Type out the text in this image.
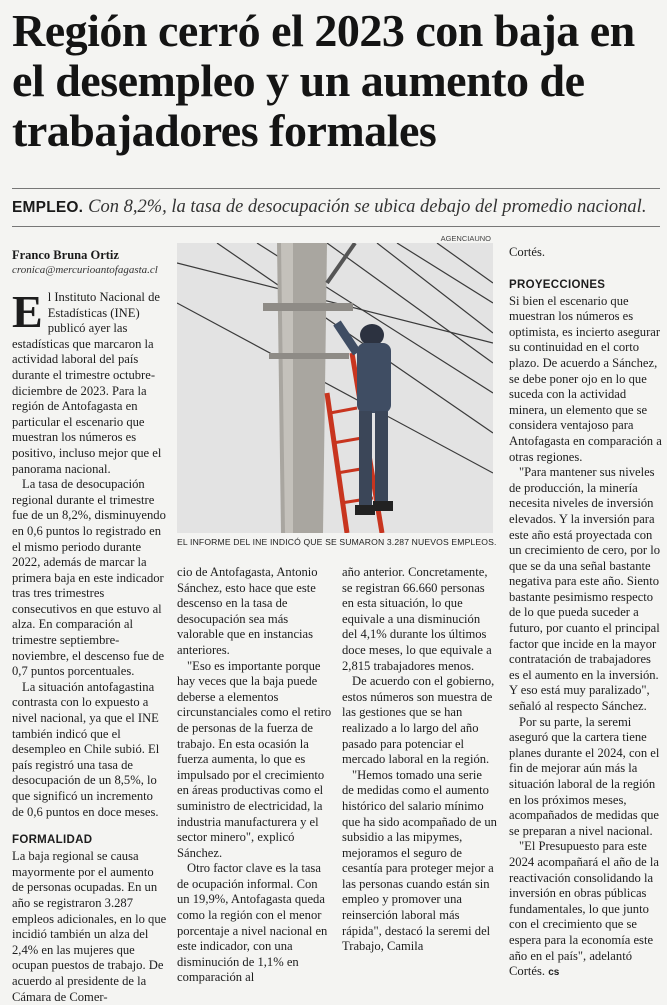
Región cerró el 2023 con baja en el desempleo y un aumento de trabajadores formales
EMPLEO. Con 8,2%, la tasa de desocupación se ubica debajo del promedio nacional.
Franco Bruna Ortiz
cronica@mercurioantofagasta.cl
E l Instituto Nacional de Estadísticas (INE) publicó ayer las estadísticas que marcaron la actividad laboral del país durante el trimestre octubre-diciembre de 2023. Para la región de Antofagasta en particular el escenario que muestran los números es positivo, incluso mejor que el panorama nacional.

La tasa de desocupación regional durante el trimestre fue de un 8,2%, disminuyendo en 0,6 puntos lo registrado en el mismo periodo durante 2022, además de marcar la primera baja en este indicador tras tres trimestres consecutivos en que estuvo al alza. En comparación al trimestre septiembre-noviembre, el descenso fue de 0,7 puntos porcentuales.

La situación antofagastina contrasta con lo expuesto a nivel nacional, ya que el INE también indicó que el desempleo en Chile subió. El país registró una tasa de desocupación de un 8,5%, lo que significó un incremento de 0,6 puntos en doce meses.

FORMALIDAD

La baja regional se causa mayormente por el aumento de personas ocupadas. En un año se registraron 3.287 empleos adicionales, en lo que incidió también un alza del 2,4% en las mujeres que ocupan puestos de trabajo. De acuerdo al presidente de la Cámara de Comer-

AGENCIAUNO
EL INFORME DEL INE INDICÓ QUE SE SUMARON 3.287 NUEVOS EMPLEOS.

cio de Antofagasta, Antonio Sánchez, esto hace que este descenso en la tasa de desocupación sea más valorable que en instancias anteriores.

"Eso es importante porque hay veces que la baja puede deberse a elementos circunstanciales como el retiro de personas de la fuerza de trabajo. En esta ocasión la fuerza aumenta, lo que es impulsado por el crecimiento en áreas productivas como el suministro de electricidad, la industria manufacturera y el sector minero", explicó Sánchez.

Otro factor clave es la tasa de ocupación informal. Con un 19,9%, Antofagasta queda como la región con el menor porcentaje a nivel nacional en este indicador, con una disminución de 1,1% en comparación al

año anterior. Concretamente, se registran 66.660 personas en esta situación, lo que equivale a una disminución del 4,1% durante los últimos doce meses, lo que equivale a 2,815 trabajadores menos.

De acuerdo con el gobierno, estos números son muestra de las gestiones que se han realizado a lo largo del año pasado para potenciar el mercado laboral en la región.

"Hemos tomado una serie de medidas como el aumento histórico del salario mínimo que ha sido acompañado de un subsidio a las mipymes, mejoramos el seguro de cesantía para proteger mejor a las personas cuando están sin empleo y promover una reinserción laboral más rápida", destacó la seremi del Trabajo, Camila

Cortés.

PROYECCIONES

Si bien el escenario que muestran los números es optimista, es incierto asegurar su continuidad en el corto plazo. De acuerdo a Sánchez, se debe poner ojo en lo que suceda con la actividad minera, un elemento que se considera ventajoso para Antofagasta en comparación a otras regiones.

"Para mantener sus niveles de producción, la minería necesita niveles de inversión elevados. Y la inversión para este año está proyectada con un crecimiento de cero, por lo que se da una señal bastante negativa para este año. Siento bastante pesimismo respecto de lo que pueda suceder a futuro, por cuanto el principal factor que incide en la mayor contratación de trabajadores es el aumento en la inversión. Y eso está muy paralizado", señaló al respecto Sánchez.

Por su parte, la seremi aseguró que la cartera tiene planes durante el 2024, con el fin de mejorar aún más la situación laboral de la región en los próximos meses, acompañados de medidas que se preparan a nivel nacional.

"El Presupuesto para este 2024 acompañará el año de la reactivación consolidando la inversión en obras públicas fundamentales, lo que junto con el crecimiento que se espera para la economía este año en el país", adelantó Cortés. cs
